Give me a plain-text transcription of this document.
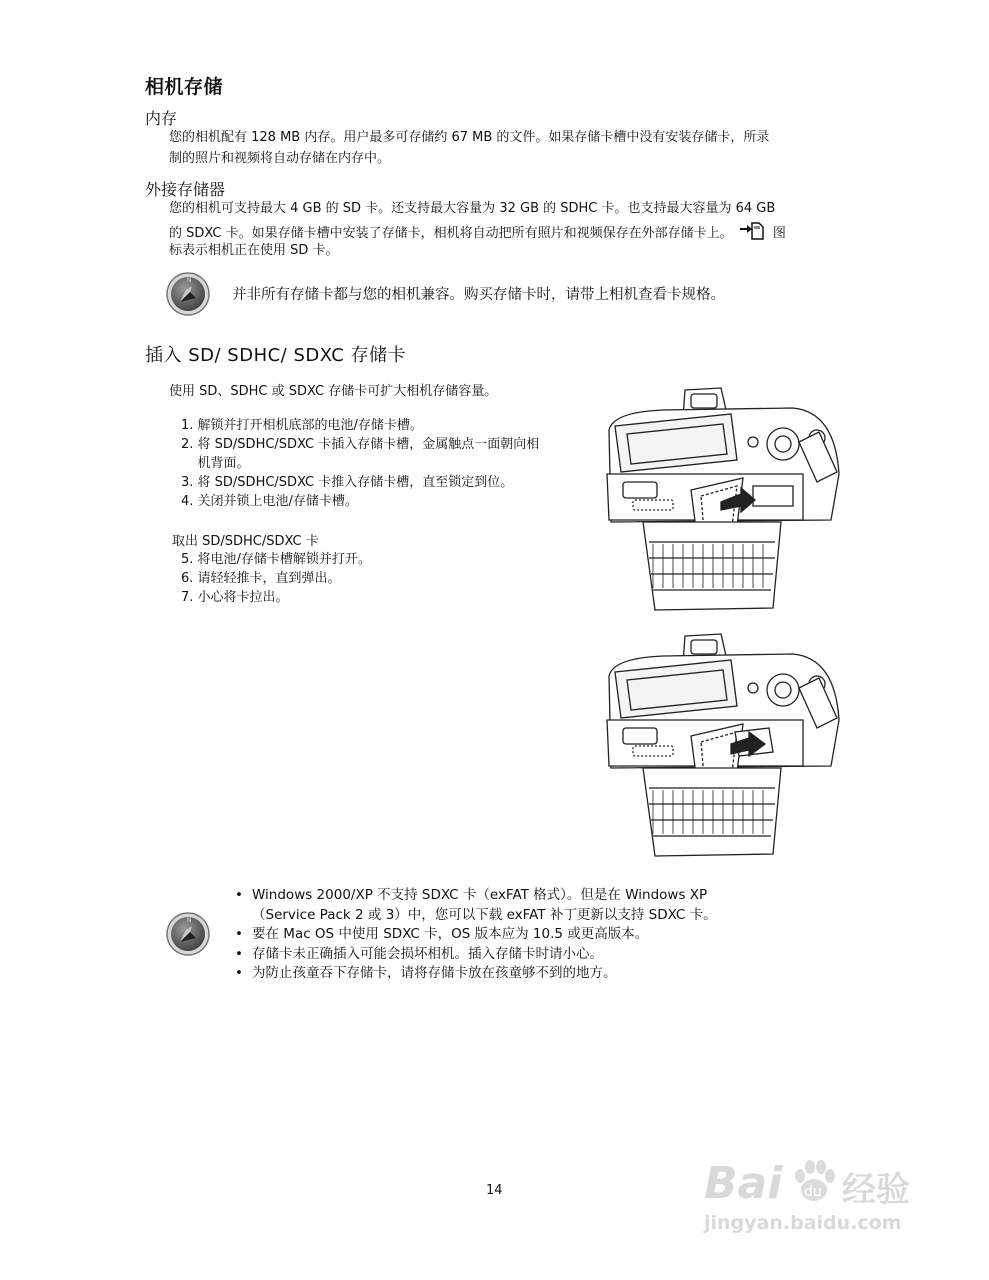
相机存储
内存
您的相机配有 128 MB 内存。用户最多可存储约 67 MB 的文件。如果存储卡槽中没有安装存储卡，所录
制的照片和视频将自动存储在内存中。
外接存储器
您的相机可支持最大 4 GB 的 SD 卡。还支持最大容量为 32 GB 的 SDHC 卡。也支持最大容量为 64 GB
的 SDXC 卡。如果存储卡槽中安装了存储卡，相机将自动把所有照片和视频保存在外部存储卡上。	图
标表示相机正在使用 SD 卡。
N
并非所有存储卡都与您的相机兼容。购买存储卡时，请带上相机查看卡规格。
插入 SD/ SDHC/ SDXC 存储卡
使用 SD、SDHC 或 SDXC 存储卡可扩大相机存储容量。
1. 解锁并打开相机底部的电池/存储卡槽。
2. 将 SD/SDHC/SDXC 卡插入存储卡槽，金属触点一面朝向相
机背面。
3. 将 SD/SDHC/SDXC 卡推入存储卡槽，直至锁定到位。
4. 关闭并锁上电池/存储卡槽。
取出 SD/SDHC/SDXC 卡
5. 将电池/存储卡槽解锁并打开。
6. 请轻轻推卡，直到弹出。
7. 小心将卡拉出。
N
• Windows 2000/XP 不支持 SDXC 卡（exFAT 格式）。但是在 Windows XP
（Service Pack 2 或 3）中，您可以下载 exFAT 补丁更新以支持 SDXC 卡。
• 要在 Mac OS 中使用 SDXC 卡，OS 版本应为 10.5 或更高版本。
• 存储卡未正确插入可能会损坏相机。插入存储卡时请小心。
• 为防止孩童吞下存储卡，请将存储卡放在孩童够不到的地方。
14	Bai du 经验
jingyan.baidu.com
